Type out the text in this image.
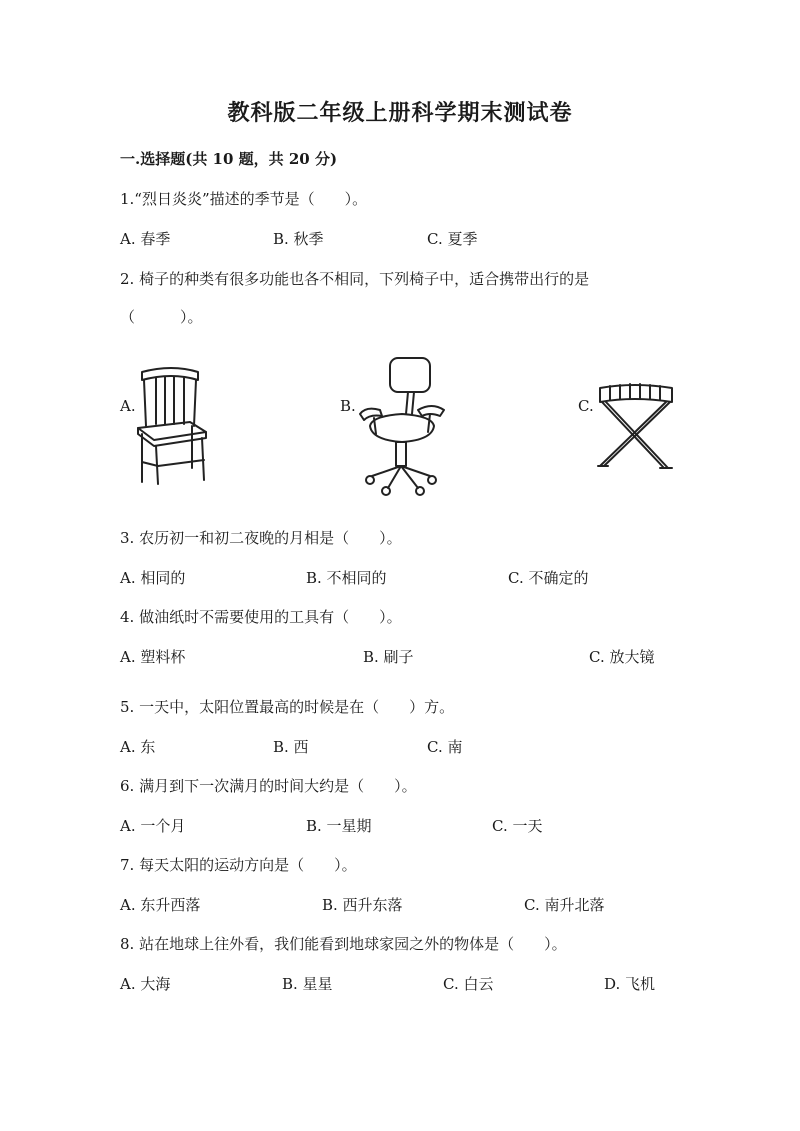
教科版二年级上册科学期末测试卷
一.选择题(共 10 题，共 20 分)
1.“烈日炎炎”描述的季节是（　　）。
A. 春季	B. 秋季	C. 夏季
2. 椅子的种类有很多功能也各不相同，下列椅子中，适合携带出行的是
（　　　）。
A.	B.	C.
3. 农历初一和初二夜晚的月相是（　　）。
A. 相同的	B. 不相同的	C. 不确定的
4. 做油纸时不需要使用的工具有（　　）。
A. 塑料杯	B. 刷子	C. 放大镜
5. 一天中，太阳位置最高的时候是在（　　）方。
A. 东	B. 西	C. 南
6. 满月到下一次满月的时间大约是（　　）。
A. 一个月	B. 一星期	C. 一天
7. 每天太阳的运动方向是（　　）。
A. 东升西落	B. 西升东落	C. 南升北落
8. 站在地球上往外看，我们能看到地球家园之外的物体是（　　）。
A. 大海	B. 星星	C. 白云	D. 飞机
